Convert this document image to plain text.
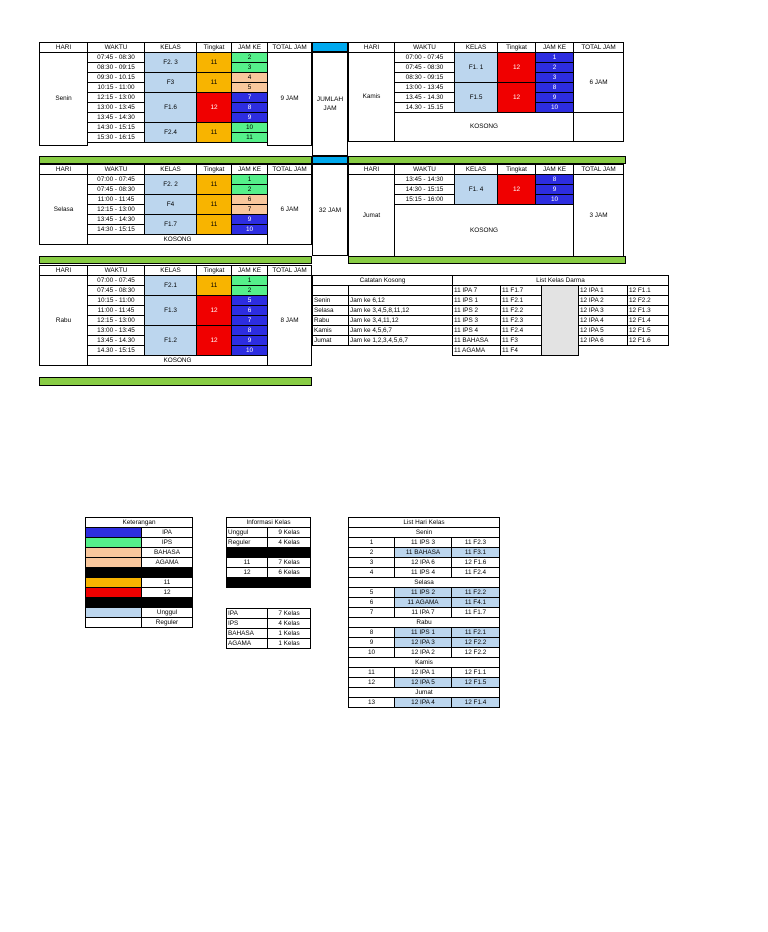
HARI	WAKTU	KELAS	Tingkat	JAM KE	TOTAL JAM
Senin	07:45 - 08:30	F2. 3	11	2	9 JAM
	08:30 - 09:15			3	
	09:30 - 10.15	F3	11	4	
	10:15 - 11:00			5	
	12:15 - 13:00	F1.6	12	7	
	13:00 - 13:45			8	
	13:45 - 14:30			9	
	14:30 - 15:15	F2.4	11	10	
	15:30 - 16:15			11	

JUMLAH JAM
32 JAM
HARI	WAKTU	KELAS	Tingkat	JAM KE	TOTAL JAM
Kamis	07:00 - 07:45	F1. 1	12	1	6 JAM
	07:45 - 08:30			2	
	08:30 - 09:15			3	
	13:00 - 13:45	F1.5	12	8	
	13.45 - 14.30			9	
	14.30 - 15.15			10	
	KOSONG				

HARI	WAKTU	KELAS	Tingkat	JAM KE	TOTAL JAM
Selasa	07:00 - 07:45	F2. 2	11	1	6 JAM
	07:45 - 08:30			2	
	11:00 - 11:45	F4	11	6	
	12:15 - 13:00			7	
	13:45 - 14:30	F1.7	11	9	
	14:30 - 15:15			10	
	KOSONG				
HARI	WAKTU	KELAS	Tingkat	JAM KE	TOTAL JAM
Jumat	13:45 - 14:30	F1. 4	12	8	3 JAM
	14:30 - 15:15			9	
	15:15 - 16:00			10	
	KOSONG				

HARI	WAKTU	KELAS	Tingkat	JAM KE	TOTAL JAM
Rabu	07:00 - 07:45	F2.1	11	1	8 JAM
	07:45 - 08:30			2	
	10:15 - 11:00	F1.3	12	5	
	11:00 - 11:45			6	
	12:15 - 13:00			7	
	13:00 - 13:45	F1.2	12	8	
	13:45 - 14.30			9	
	14.30 - 15:15			10	
	KOSONG				
Catatan Kosong	

Senin	Jam ke 6,12
Selasa	Jam ke 3,4,5,8,11,12
Rabu	Jam ke 3,4,11,12
Kamis	Jam ke 4,5,6,7
Jumat	Jam ke 1,2,3,4,5,6,7
List Kelas Darma				
11 IPA 7	11 F1.7		12 IPA 1	12 F1.1
11 IPS 1	11 F2.1		12 IPA 2	12 F2.2
11 IPS 2	11 F2.2		12 IPA 3	12 F1.3
11 IPS 3	11 F2.3		12 IPA 4	12 F1.4
11 IPS 4	11 F2.4		12 IPA 5	12 F1.5
11 BAHASA	11 F3		12 IPA 6	12 F1.6
11 AGAMA	11 F4			
Keterangan	
	IPA
	IPS
	BAHASA
	AGAMA

	11
	12

	Unggul
	Reguler
Informasi Kelas	
Unggul	9 Kelas
Reguler	4 Kelas

11	7 Kelas
12	6 Kelas

IPA	7 Kelas
IPS	4 Kelas
BAHASA	1 Kelas
AGAMA	1 Kelas
List Hari Kelas		
Senin		
1	11 IPS 3	11 F2.3
2	11 BAHASA	11 F3.1
3	12 IPA 6	12 F1.6
4	11 IPS 4	11 F2.4
Selasa		
5	11 IPS 2	11 F2.2
6	11 AGAMA	11 F4.1
7	11 IPA 7	11 F1.7
Rabu		
8	11 IPS 1	11 F2.1
9	12 IPA 3	12 F2.2
10	12 IPA 2	12 F2.2
Kamis		
11	12 IPA 1	12 F1.1
12	12 IPA 5	12 F1.5
Jumat		
13	12 IPA 4	12 F1.4
